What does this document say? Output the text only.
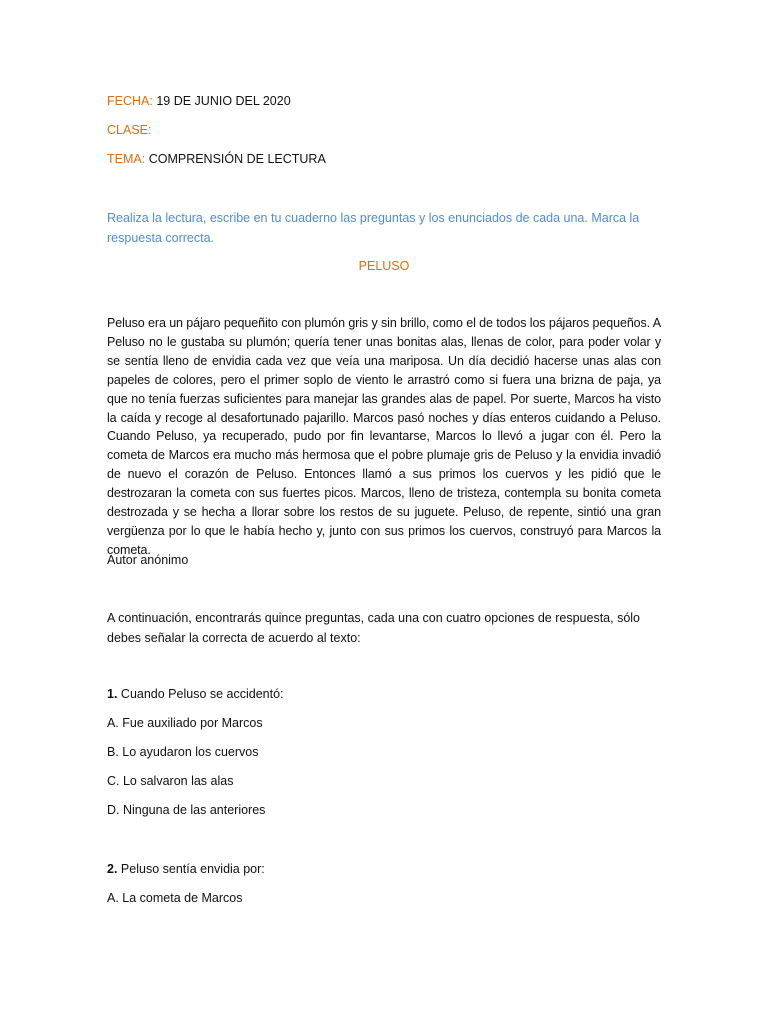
FECHA: 19 DE JUNIO DEL 2020
CLASE:
TEMA: COMPRENSIÓN DE LECTURA
Realiza la lectura, escribe en tu cuaderno las preguntas y los enunciados de cada una. Marca la respuesta correcta.
PELUSO
Peluso era un pájaro pequeñito con plumón gris y sin brillo, como el de todos los pájaros pequeños. A Peluso no le gustaba su plumón; quería tener unas bonitas alas, llenas de color, para poder volar y se sentía lleno de envidia cada vez que veía una mariposa. Un día decidió hacerse unas alas con papeles de colores, pero el primer soplo de viento le arrastró como si fuera una brizna de paja, ya que no tenía fuerzas suficientes para manejar las grandes alas de papel. Por suerte, Marcos ha visto la caída y recoge al desafortunado pajarillo. Marcos pasó noches y días enteros cuidando a Peluso. Cuando Peluso, ya recuperado, pudo por fin levantarse, Marcos lo llevó a jugar con él. Pero la cometa de Marcos era mucho más hermosa que el pobre plumaje gris de Peluso y la envidia invadió de nuevo el corazón de Peluso. Entonces llamó a sus primos los cuervos y les pidió que le destrozaran la cometa con sus fuertes picos. Marcos, lleno de tristeza, contempla su bonita cometa destrozada y se hecha a llorar sobre los restos de su juguete. Peluso, de repente, sintió una gran vergüenza por lo que le había hecho y, junto con sus primos los cuervos, construyó para Marcos la cometa.
Autor anónimo
A continuación, encontrarás quince preguntas, cada una con cuatro opciones de respuesta, sólo debes señalar la correcta de acuerdo al texto:
1. Cuando Peluso se accidentó:
A. Fue auxiliado por Marcos
B. Lo ayudaron los cuervos
C. Lo salvaron las alas
D. Ninguna de las anteriores
2. Peluso sentía envidia por:
A. La cometa de Marcos
